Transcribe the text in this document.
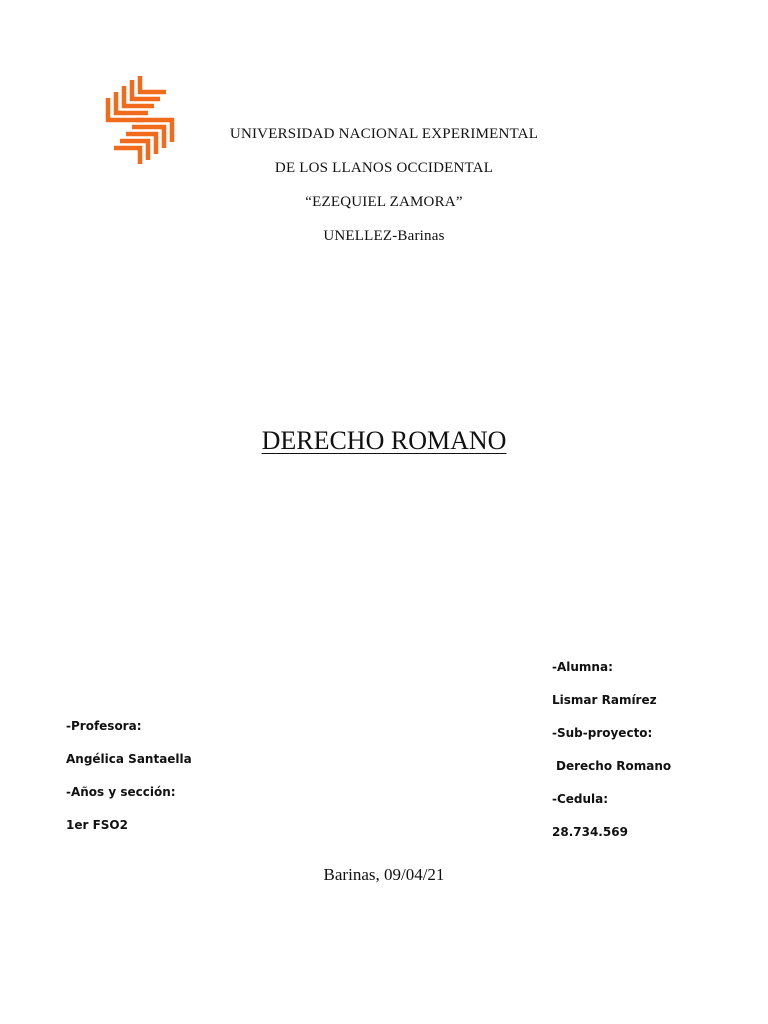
UNIVERSIDAD NACIONAL EXPERIMENTAL
DE LOS LLANOS OCCIDENTAL
“EZEQUIEL ZAMORA”
UNELLEZ-Barinas
DERECHO ROMANO
-Alumna:
Lismar Ramírez
-Sub-proyecto:
Derecho Romano
-Cedula:
28.734.569
-Profesora:
Angélica Santaella
-Años y sección:
1er FSO2
Barinas, 09/04/21
